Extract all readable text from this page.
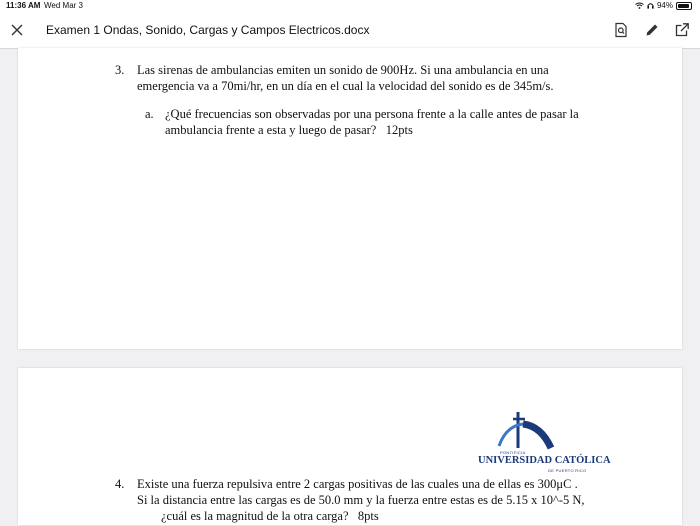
11:36 AM Wed Mar 3	94%
Examen 1 Ondas, Sonido, Cargas y Campos Electricos.docx
3. Las sirenas de ambulancias emiten un sonido de 900Hz. Si una ambulancia en una
emergencia va a 70mi/hr, en un día en el cual la velocidad del sonido es de 345m/s.
a. ¿Qué frecuencias son observadas por una persona frente a la calle antes de pasar la
ambulancia frente a esta y luego de pasar?   12pts
PONTIFICIA
UNIVERSIDAD CATÓLICA
DE PUERTO RICO
4. Existe una fuerza repulsiva entre 2 cargas positivas de las cuales una de ellas es 300μC .
Si la distancia entre las cargas es de 50.0 mm y la fuerza entre estas es de 5.15 x 10^-5 N,
¿cuál es la magnitud de la otra carga?   8pts
